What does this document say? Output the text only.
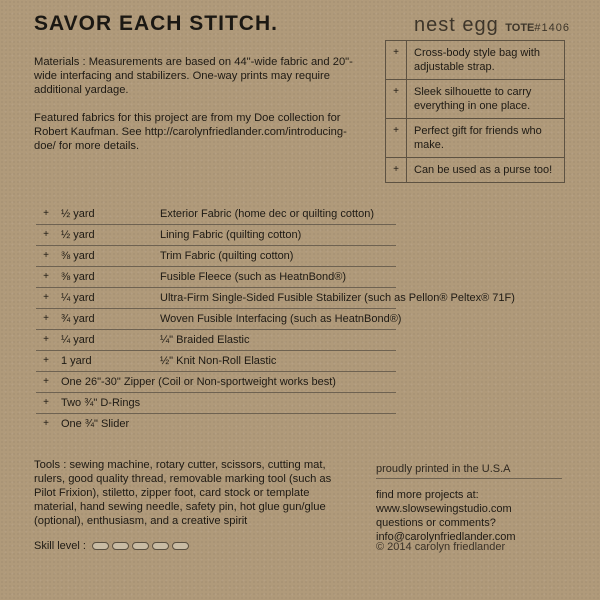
SAVOR EACH STITCH.	nest egg TOTE#1406
Materials : Measurements are based on 44"-wide fabric and 20"-wide interfacing and stabilizers. One-way prints may require additional yardage.
Featured fabrics for this project are from my Doe collection for Robert Kaufman. See http://carolynfriedlander.com/introducing-doe/ for more details.
+	Cross-body style bag with adjustable strap.
+	Sleek silhouette to carry everything in one place.
+	Perfect gift for friends who make.
+	Can be used as a purse too!
+	½ yard	Exterior Fabric (home dec or quilting cotton)
+	½ yard	Lining Fabric (quilting cotton)
+	⅜ yard	Trim Fabric (quilting cotton)
+	⅜ yard	Fusible Fleece (such as HeatnBond®)
+	¼ yard	Ultra-Firm Single-Sided Fusible Stabilizer (such as Pellon® Peltex® 71F)
+	¾ yard	Woven Fusible Interfacing (such as HeatnBond®)
+	¼ yard	¼" Braided Elastic
+	1 yard	½" Knit Non-Roll Elastic
+	One 26"-30" Zipper (Coil or Non-sportweight works best)
+	Two ¾" D-Rings
+	One ¾" Slider
Tools : sewing machine, rotary cutter, scissors, cutting mat, rulers, good quality thread, removable marking tool (such as Pilot Frixion), stiletto, zipper foot, card stock or template material, hand sewing needle, safety pin, hot glue gun/glue (optional), enthusiasm, and a creative spirit
Skill level :
proudly printed in the U.S.A
find more projects at:
www.slowsewingstudio.com
questions or comments?
info@carolynfriedlander.com
© 2014 carolyn friedlander
